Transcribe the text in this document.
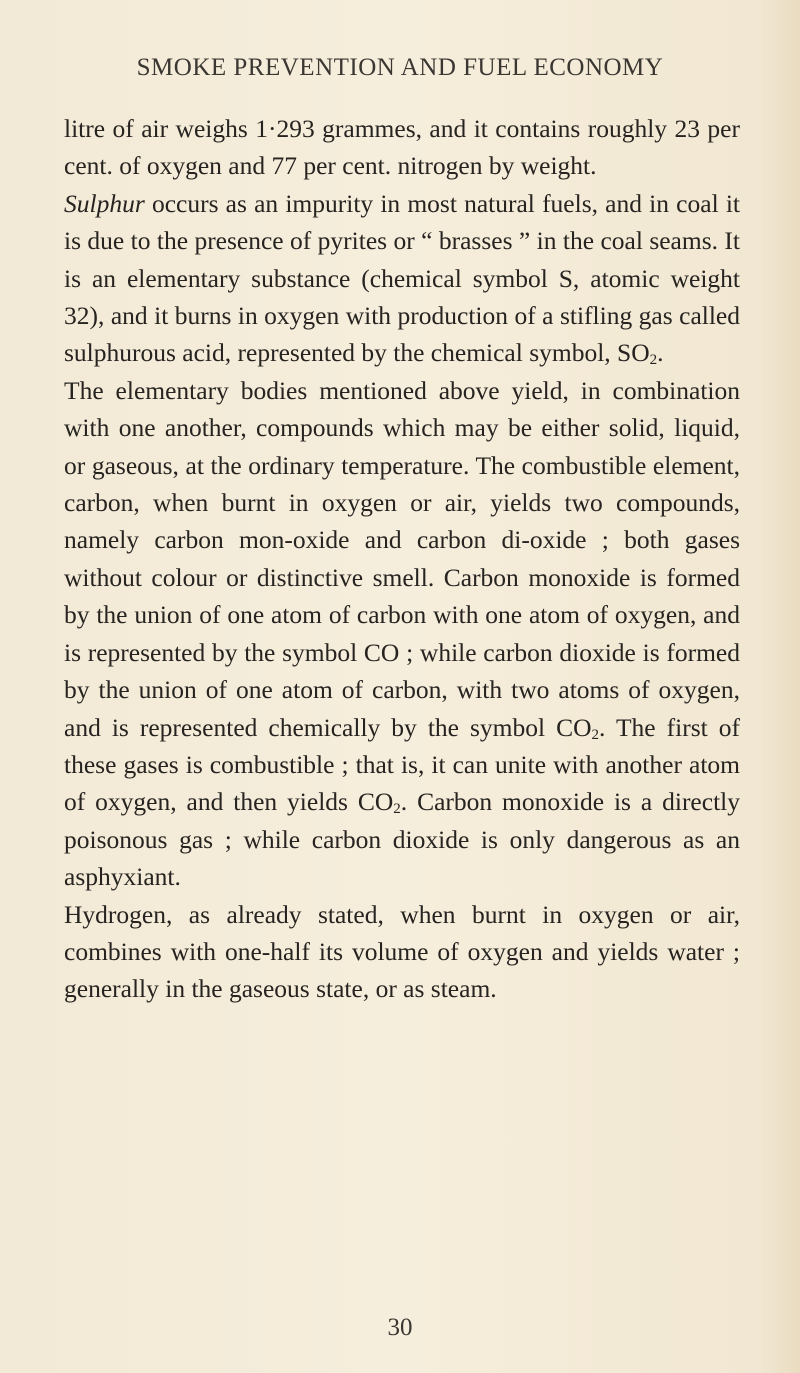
SMOKE PREVENTION AND FUEL ECONOMY

litre of air weighs 1·293 grammes, and it contains roughly 23 per cent. of oxygen and 77 per cent. nitrogen by weight.

Sulphur occurs as an impurity in most natural fuels, and in coal it is due to the presence of pyrites or “ brasses ” in the coal seams. It is an elementary substance (chemical symbol S, atomic weight 32), and it burns in oxygen with production of a stifling gas called sulphurous acid, represented by the chemical symbol, $SO_2$.

The elementary bodies mentioned above yield, in combination with one another, compounds which may be either solid, liquid, or gaseous, at the ordinary temperature. The combustible element, carbon, when burnt in oxygen or air, yields two compounds, namely carbon mon-oxide and carbon di-oxide ; both gases without colour or distinctive smell. Carbon monoxide is formed by the union of one atom of carbon with one atom of oxygen, and is represented by the symbol CO ; while carbon dioxide is formed by the union of one atom of carbon, with two atoms of oxygen, and is represented chemically by the symbol $CO_2$. The first of these gases is combustible ; that is, it can unite with another atom of oxygen, and then yields $CO_2$. Carbon monoxide is a directly poisonous gas ; while carbon dioxide is only dangerous as an asphyxiant.

Hydrogen, as already stated, when burnt in oxygen or air, combines with one-half its volume of oxygen and yields water ; generally in the gaseous state, or as steam.

30
